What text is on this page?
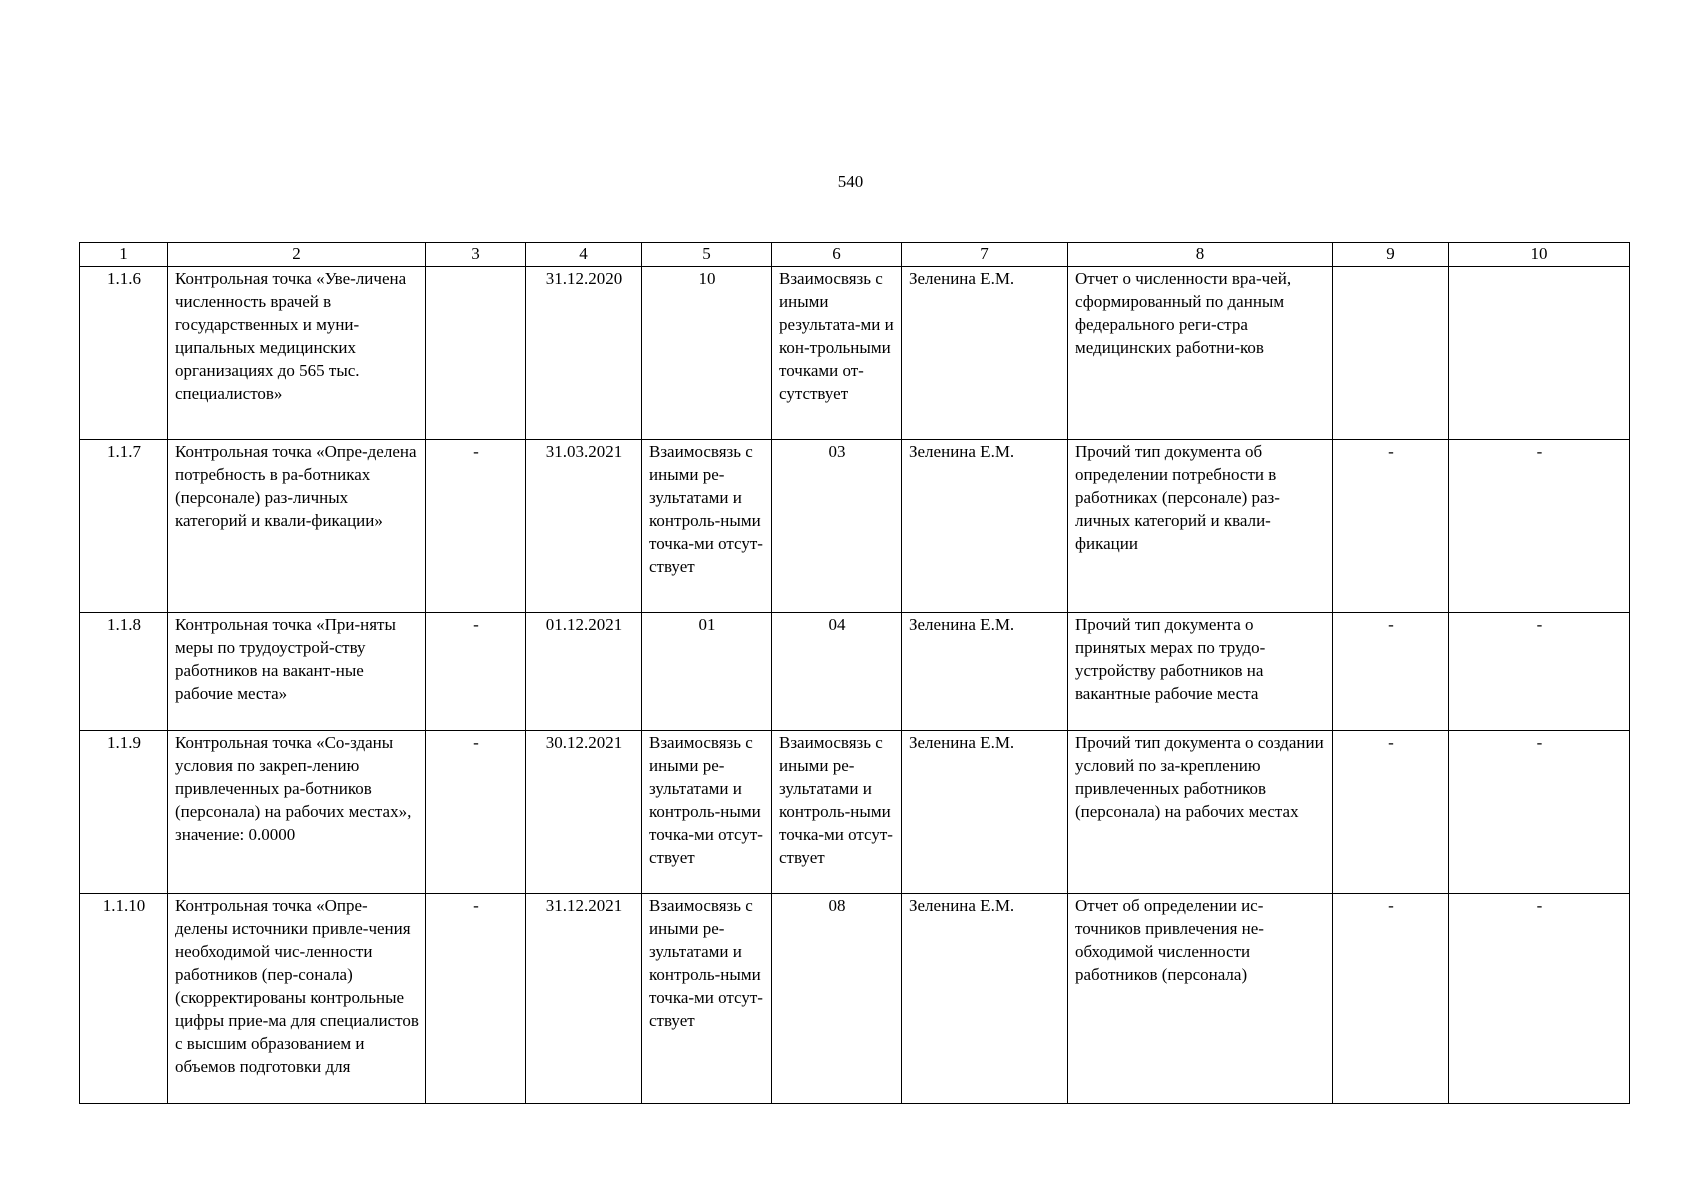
540
1	2	3	4	5	6	7	8	9	10
1.1.6	Контрольная точка «Уве-личена численность врачей в государственных и муни-ципальных медицинских организациях до 565 тыс. специалистов»		31.12.2020	10	Взаимосвязь с иными результата-ми и кон-трольными точками от-сутствует	Зеленина Е.М.	Отчет о численности вра-чей, сформированный по данным федерального реги-стра медицинских работни-ков		
1.1.7	Контрольная точка «Опре-делена потребность в ра-ботниках (персонале) раз-личных категорий и квали-фикации»	-	31.03.2021	Взаимосвязь с иными ре-зультатами и контроль-ными точка-ми отсут-ствует	03	Зеленина Е.М.	Прочий тип документа об определении потребности в работниках (персонале) раз-личных категорий и квали-фикации	-	-
1.1.8	Контрольная точка «При-няты меры по трудоустрой-ству работников на вакант-ные рабочие места»	-	01.12.2021	01	04	Зеленина Е.М.	Прочий тип документа о принятых мерах по трудо-устройству работников на вакантные рабочие места	-	-
1.1.9	Контрольная точка «Со-зданы условия по закреп-лению привлеченных ра-ботников (персонала) на рабочих местах», значение: 0.0000	-	30.12.2021	Взаимосвязь с иными ре-зультатами и контроль-ными точка-ми отсут-ствует	Взаимосвязь с иными ре-зультатами и контроль-ными точка-ми отсут-ствует	Зеленина Е.М.	Прочий тип документа о создании условий по за-креплению привлеченных работников (персонала) на рабочих местах	-	-
1.1.10	Контрольная точка «Опре-делены источники привле-чения необходимой чис-ленности работников (пер-сонала) (скорректированы контрольные цифры прие-ма для специалистов с высшим образованием и объемов подготовки для	-	31.12.2021	Взаимосвязь с иными ре-зультатами и контроль-ными точка-ми отсут-ствует	08	Зеленина Е.М.	Отчет об определении ис-точников привлечения не-обходимой численности работников (персонала)	-	-
